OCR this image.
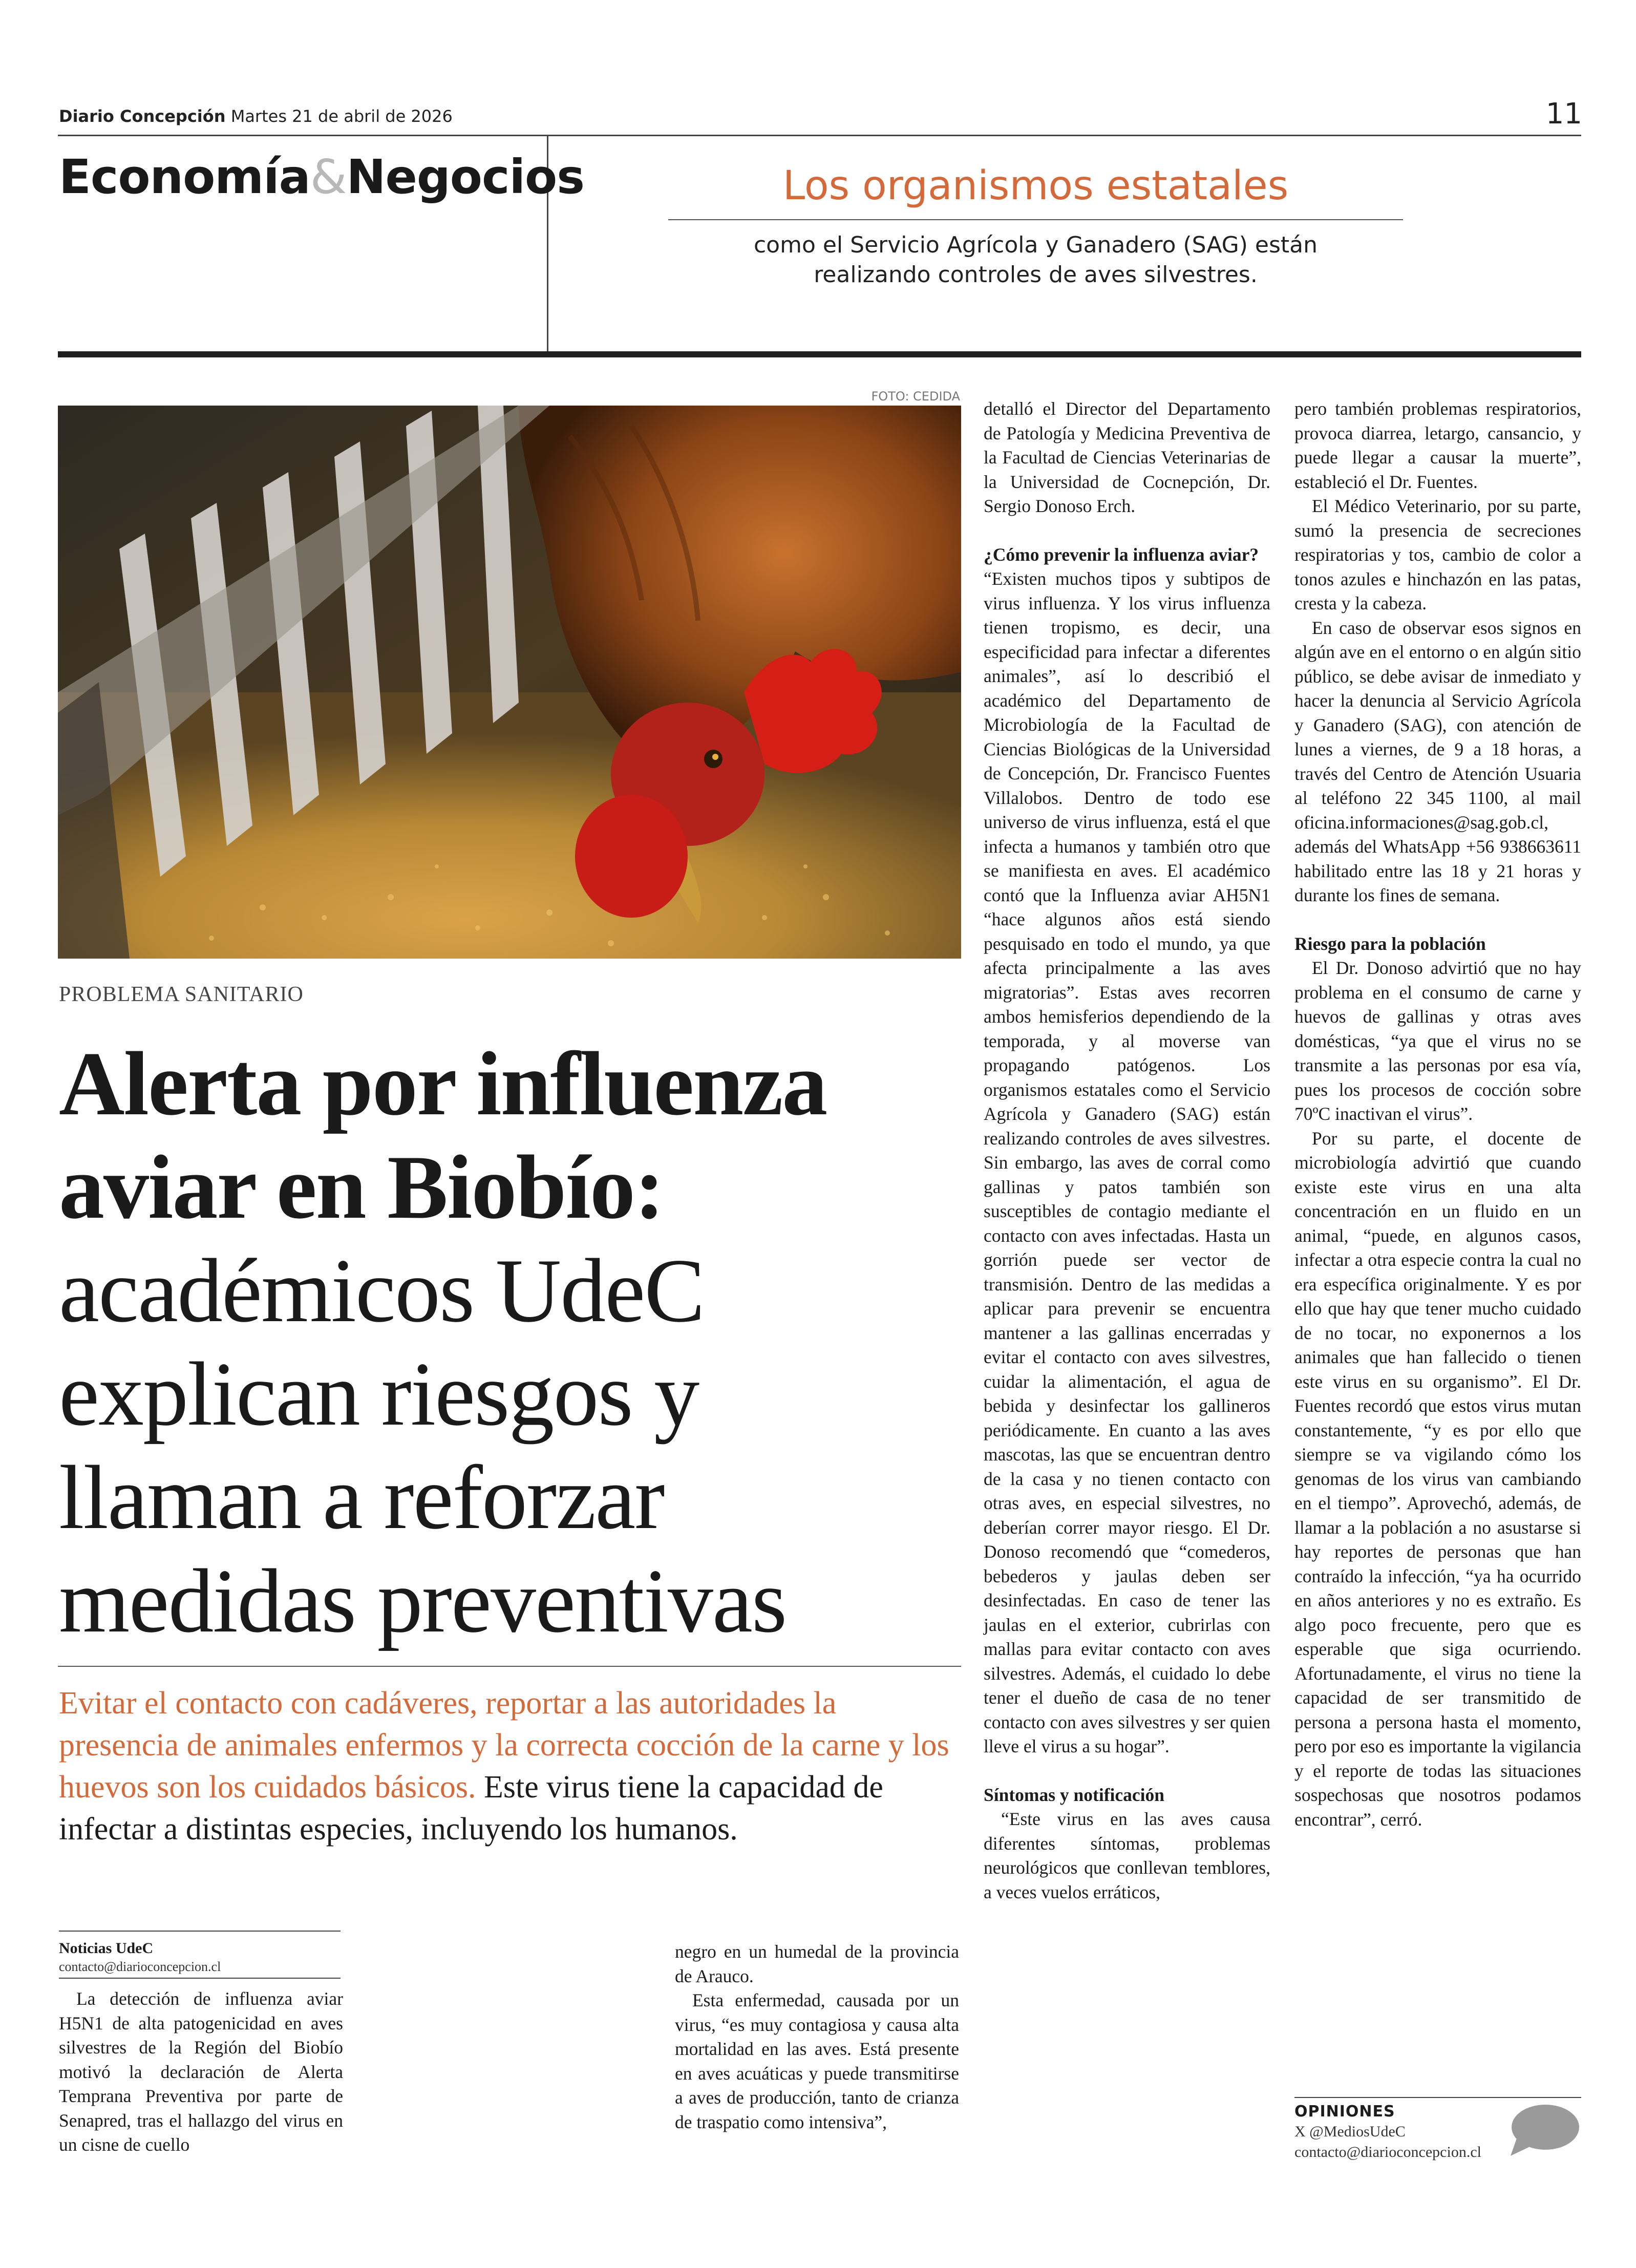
Diario Concepción Martes 21 de abril de 2026	11
Economía&Negocios	Los organismos estatales
como el Servicio Agrícola y Ganadero (SAG) están realizando controles de aves silvestres.
FOTO: CEDIDA
PROBLEMA SANITARIO
Alerta por influenza aviar en Biobío:
académicos UdeC explican riesgos y llaman a reforzar medidas preventivas
Evitar el contacto con cadáveres, reportar a las autoridades la presencia de animales enfermos y la correcta cocción de la carne y los huevos son los cuidados básicos. Este virus tiene la capacidad de infectar a distintas especies, incluyendo los humanos.
Noticias UdeC
contacto@diarioconcepcion.cl

La detección de influenza aviar H5N1 de alta patogenicidad en aves silvestres de la Región del Biobío motivó la declaración de Alerta Temprana Preventiva por parte de Senapred, tras el hallazgo del virus en un cisne de cuello

negro en un humedal de la provincia de Arauco.

Esta enfermedad, causada por un virus, “es muy contagiosa y causa alta mortalidad en las aves. Está presente en aves acuáticas y puede transmitirse a aves de producción, tanto de crianza de traspatio como intensiva”,

detalló el Director del Departamento de Patología y Medicina Preventiva de la Facultad de Ciencias Veterinarias de la Universidad de Cocnepción, Dr. Sergio Donoso Erch.

¿Cómo prevenir la influenza aviar?

“Existen muchos tipos y subtipos de virus influenza. Y los virus influenza tienen tropismo, es decir, una especificidad para infectar a diferentes animales”, así lo describió el académico del Departamento de Microbiología de la Facultad de Ciencias Biológicas de la Universidad de Concepción, Dr. Francisco Fuentes Villalobos. Dentro de todo ese universo de virus influenza, está el que infecta a humanos y también otro que se manifiesta en aves. El académico contó que la Influenza aviar AH5N1 “hace algunos años está siendo pesquisado en todo el mundo, ya que afecta principalmente a las aves migratorias”. Estas aves recorren ambos hemisferios dependiendo de la temporada, y al moverse van propagando patógenos. Los organismos estatales como el Servicio Agrícola y Ganadero (SAG) están realizando controles de aves silvestres. Sin embargo, las aves de corral como gallinas y patos también son susceptibles de contagio mediante el contacto con aves infectadas. Hasta un gorrión puede ser vector de transmisión. Dentro de las medidas a aplicar para prevenir se encuentra mantener a las gallinas encerradas y evitar el contacto con aves silvestres, cuidar la alimentación, el agua de bebida y desinfectar los gallineros periódicamente. En cuanto a las aves mascotas, las que se encuentran dentro de la casa y no tienen contacto con otras aves, en especial silvestres, no deberían correr mayor riesgo. El Dr. Donoso recomendó que “comederos, bebederos y jaulas deben ser desinfectadas. En caso de tener las jaulas en el exterior, cubrirlas con mallas para evitar contacto con aves silvestres. Además, el cuidado lo debe tener el dueño de casa de no tener contacto con aves silvestres y ser quien lleve el virus a su hogar”.

Síntomas y notificación

“Este virus en las aves causa diferentes síntomas, problemas neurológicos que conllevan temblores, a veces vuelos erráticos,

pero también problemas respiratorios, provoca diarrea, letargo, cansancio, y puede llegar a causar la muerte”, estableció el Dr. Fuentes.

El Médico Veterinario, por su parte, sumó la presencia de secreciones respiratorias y tos, cambio de color a tonos azules e hinchazón en las patas, cresta y la cabeza.

En caso de observar esos signos en algún ave en el entorno o en algún sitio público, se debe avisar de inmediato y hacer la denuncia al Servicio Agrícola y Ganadero (SAG), con atención de lunes a viernes, de 9 a 18 horas, a través del Centro de Atención Usuaria al teléfono 22 345 1100, al mail oficina.informaciones@sag.gob.cl, además del WhatsApp +56 938663611 habilitado entre las 18 y 21 horas y durante los fines de semana.

Riesgo para la población

El Dr. Donoso advirtió que no hay problema en el consumo de carne y huevos de gallinas y otras aves domésticas, “ya que el virus no se transmite a las personas por esa vía, pues los procesos de cocción sobre 70ºC inactivan el virus”.

Por su parte, el docente de microbiología advirtió que cuando existe este virus en una alta concentración en un fluido en un animal, “puede, en algunos casos, infectar a otra especie contra la cual no era específica originalmente. Y es por ello que hay que tener mucho cuidado de no tocar, no exponernos a los animales que han fallecido o tienen este virus en su organismo”. El Dr. Fuentes recordó que estos virus mutan constantemente, “y es por ello que siempre se va vigilando cómo los genomas de los virus van cambiando en el tiempo”. Aprovechó, además, de llamar a la población a no asustarse si hay reportes de personas que han contraído la infección, “ya ha ocurrido en años anteriores y no es extraño. Es algo poco frecuente, pero que es esperable que siga ocurriendo. Afortunadamente, el virus no tiene la capacidad de ser transmitido de persona a persona hasta el momento, pero por eso es importante la vigilancia y el reporte de todas las situaciones sospechosas que nosotros podamos encontrar”, cerró.

OPINIONES
X @MediosUdeC
contacto@diarioconcepcion.cl
